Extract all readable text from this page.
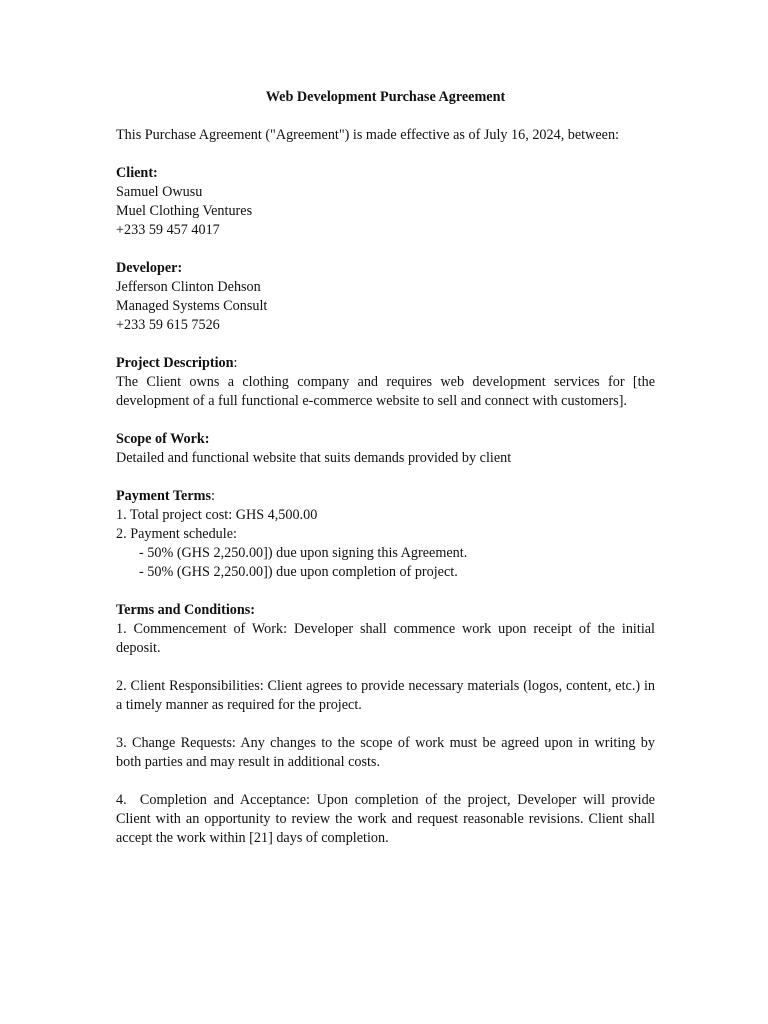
Web Development Purchase Agreement
This Purchase Agreement ("Agreement") is made effective as of July 16, 2024, between:
Client:
Samuel Owusu
Muel Clothing Ventures
+233 59 457 4017
Developer:
Jefferson Clinton Dehson
Managed Systems Consult
+233 59 615 7526
Project Description:
The Client owns a clothing company and requires web development services for [the development of a full functional e-commerce website to sell and connect with customers].
Scope of Work:
Detailed and functional website that suits demands provided by client
Payment Terms:
1. Total project cost: GHS 4,500.00
2. Payment schedule:
- 50% (GHS 2,250.00]) due upon signing this Agreement.
- 50% (GHS 2,250.00]) due upon completion of project.
Terms and Conditions:
1. Commencement of Work: Developer shall commence work upon receipt of the initial deposit.
2. Client Responsibilities: Client agrees to provide necessary materials (logos, content, etc.) in a timely manner as required for the project.
3. Change Requests: Any changes to the scope of work must be agreed upon in writing by both parties and may result in additional costs.
4.  Completion and Acceptance: Upon completion of the project, Developer will provide Client with an opportunity to review the work and request reasonable revisions. Client shall accept the work within [21] days of completion.
